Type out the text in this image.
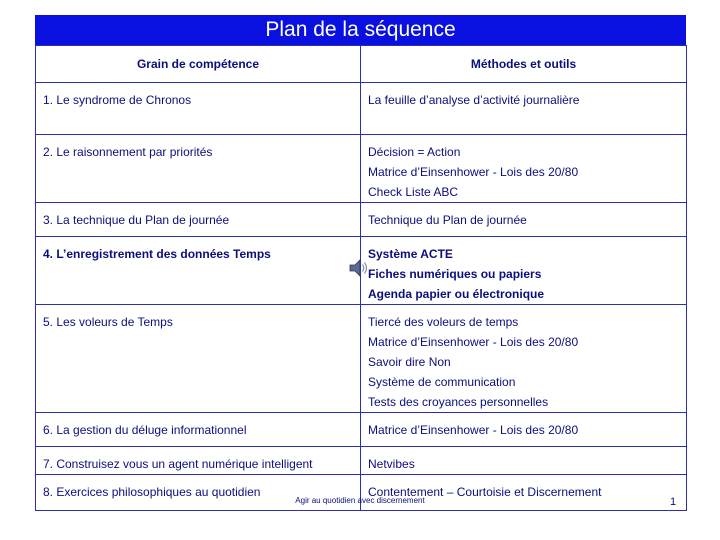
Plan de la séquence
Grain de compétence	Méthodes et outils
1. Le syndrome de Chronos	La feuille d’analyse d’activité journalière

2. Le raisonnement par priorités	Décision = Action
Matrice d’Einsenhower - Lois des 20/80
Check Liste ABC

3. La technique du Plan de journée	Technique du Plan de journée

4. L’enregistrement des données Temps	Système ACTE
Fiches numériques ou papiers
Agenda papier ou électronique

5. Les voleurs de Temps	Tiercé des voleurs de temps
Matrice d’Einsenhower - Lois des 20/80
Savoir dire Non
Système de communication
Tests des croyances personnelles

6. La gestion du déluge informationnel	Matrice d’Einsenhower - Lois des 20/80

7. Construisez vous un agent numérique intelligent	Netvibes

8. Exercices philosophiques au quotidien	Contentement – Courtoisie et Discernement
Agir au quotidien avec discernement	1
